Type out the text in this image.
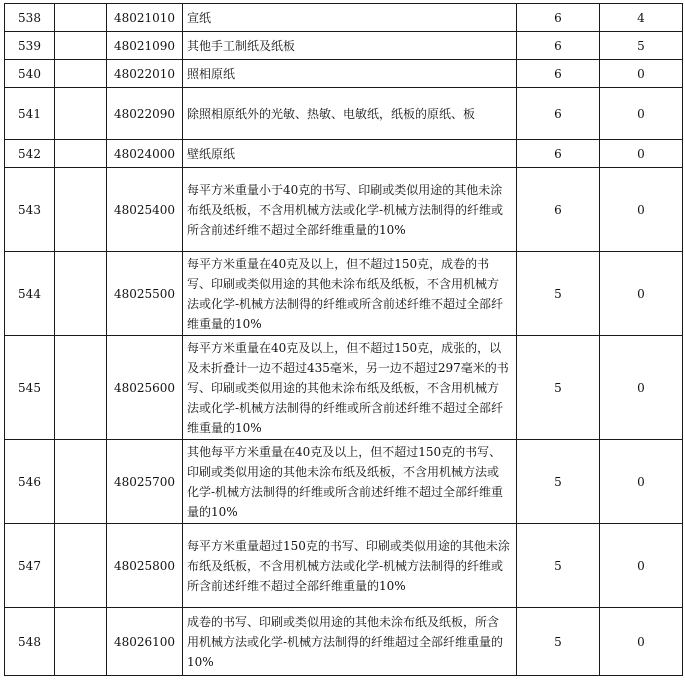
538		48021010	宣纸	6	4
539		48021090	其他手工制纸及纸板	6	5
540		48022010	照相原纸	6	0
541		48022090	除照相原纸外的光敏、热敏、电敏纸，纸板的原纸、板	6	0
542		48024000	壁纸原纸	6	0
543		48025400	每平方米重量小于40克的书写、印刷或类似用途的其他未涂布纸及纸板，不含用机械方法或化学-机械方法制得的纤维或所含前述纤维不超过全部纤维重量的10%	6	0
544		48025500	每平方米重量在40克及以上，但不超过150克，成卷的书写、印刷或类似用途的其他未涂布纸及纸板，不含用机械方法或化学-机械方法制得的纤维或所含前述纤维不超过全部纤维重量的10%	5	0
545		48025600	每平方米重量在40克及以上，但不超过150克，成张的，以及未折叠计一边不超过435毫米，另一边不超过297毫米的书写、印刷或类似用途的其他未涂布纸及纸板，不含用机械方法或化学-机械方法制得的纤维或所含前述纤维不超过全部纤维重量的10%	5	0
546		48025700	其他每平方米重量在40克及以上，但不超过150克的书写、印刷或类似用途的其他未涂布纸及纸板，不含用机械方法或化学-机械方法制得的纤维或所含前述纤维不超过全部纤维重量的10%	5	0
547		48025800	每平方米重量超过150克的书写、印刷或类似用途的其他未涂布纸及纸板，不含用机械方法或化学-机械方法制得的纤维或所含前述纤维不超过全部纤维重量的10%	5	0
548		48026100	成卷的书写、印刷或类似用途的其他未涂布纸及纸板，所含用机械方法或化学-机械方法制得的纤维超过全部纤维重量的10%	5	0
